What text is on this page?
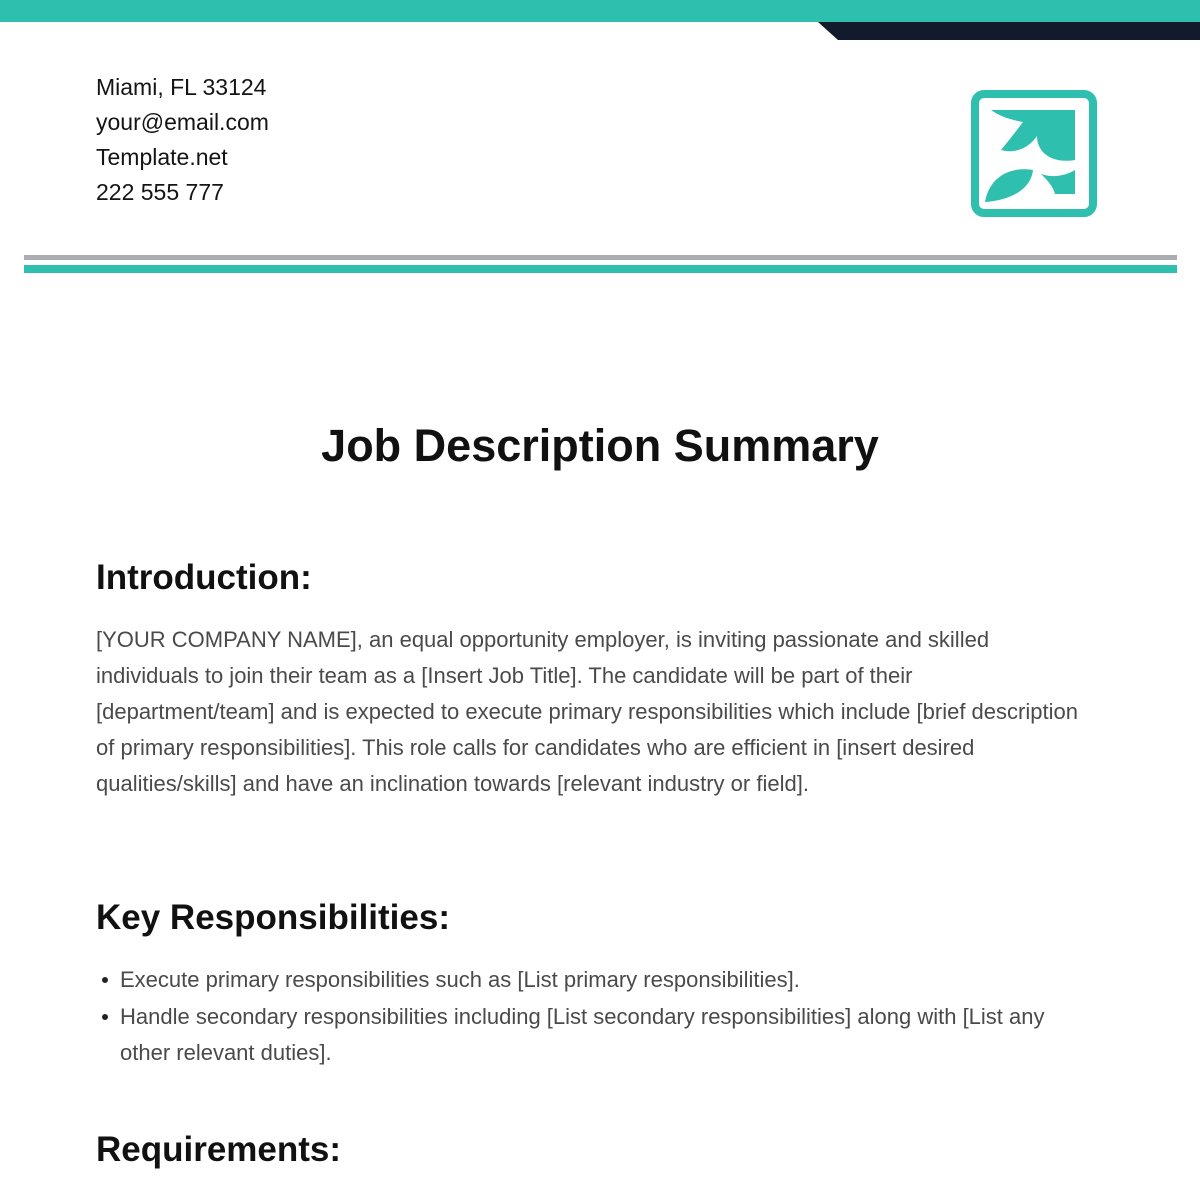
Miami, FL 33124
your@email.com
Template.net
222 555 777
Job Description Summary
Introduction:

[YOUR COMPANY NAME], an equal opportunity employer, is inviting passionate and skilled individuals to join their team as a [Insert Job Title]. The candidate will be part of their [department/team] and is expected to execute primary responsibilities which include [brief description of primary responsibilities]. This role calls for candidates who are efficient in [insert desired qualities/skills] and have an inclination towards [relevant industry or field].

Key Responsibilities:
Execute primary responsibilities such as [List primary responsibilities].
Handle secondary responsibilities including [List secondary responsibilities] along with [List any other relevant duties].
Requirements:
